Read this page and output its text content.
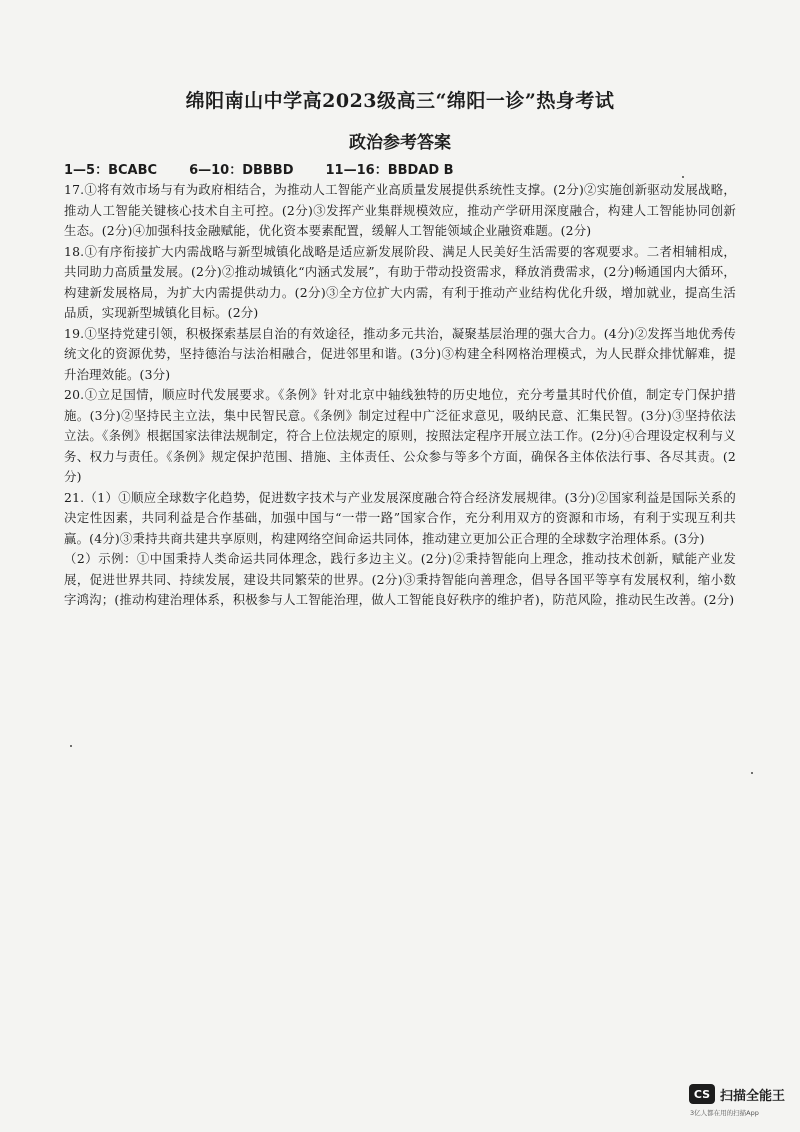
绵阳南山中学高2023级高三“绵阳一诊”热身考试
政治参考答案
1—5：BCABC 6—10：DBBBD 11—16：BBDAD B

17.①将有效市场与有为政府相结合，为推动人工智能产业高质量发展提供系统性支撑。(2分)②实施创新驱动发展战略，推动人工智能关键核心技术自主可控。(2分)③发挥产业集群规模效应，推动产学研用深度融合，构建人工智能协同创新生态。(2分)④加强科技金融赋能，优化资本要素配置，缓解人工智能领域企业融资难题。(2分)

18.①有序衔接扩大内需战略与新型城镇化战略是适应新发展阶段、满足人民美好生活需要的客观要求。二者相辅相成，共同助力高质量发展。(2分)②推动城镇化“内涵式发展”，有助于带动投资需求，释放消费需求，(2分)畅通国内大循环，构建新发展格局，为扩大内需提供动力。(2分)③全方位扩大内需，有利于推动产业结构优化升级，增加就业，提高生活品质，实现新型城镇化目标。(2分)

19.①坚持党建引领，积极探索基层自治的有效途径，推动多元共治，凝聚基层治理的强大合力。(4分)②发挥当地优秀传统文化的资源优势，坚持德治与法治相融合，促进邻里和谐。(3分)③构建全科网格治理模式，为人民群众排忧解难，提升治理效能。(3分)

20.①立足国情，顺应时代发展要求。《条例》针对北京中轴线独特的历史地位，充分考量其时代价值，制定专门保护措施。(3分)②坚持民主立法，集中民智民意。《条例》制定过程中广泛征求意见，吸纳民意、汇集民智。(3分)③坚持依法立法。《条例》根据国家法律法规制定，符合上位法规定的原则，按照法定程序开展立法工作。(2分)④合理设定权利与义务、权力与责任。《条例》规定保护范围、措施、主体责任、公众参与等多个方面，确保各主体依法行事、各尽其责。(2分)

21.（1）①顺应全球数字化趋势，促进数字技术与产业发展深度融合符合经济发展规律。(3分)②国家利益是国际关系的决定性因素，共同利益是合作基础，加强中国与“一带一路”国家合作，充分利用双方的资源和市场，有利于实现互利共赢。(4分)③秉持共商共建共享原则，构建网络空间命运共同体，推动建立更加公正合理的全球数字治理体系。(3分)

（2）示例：①中国秉持人类命运共同体理念，践行多边主义。(2分)②秉持智能向上理念，推动技术创新，赋能产业发展，促进世界共同、持续发展，建设共同繁荣的世界。(2分)③秉持智能向善理念，倡导各国平等享有发展权利，缩小数字鸿沟；(推动构建治理体系，积极参与人工智能治理，做人工智能良好秩序的维护者)，防范风险，推动民生改善。(2分)

CS 扫描全能王
3亿人都在用的扫描App
